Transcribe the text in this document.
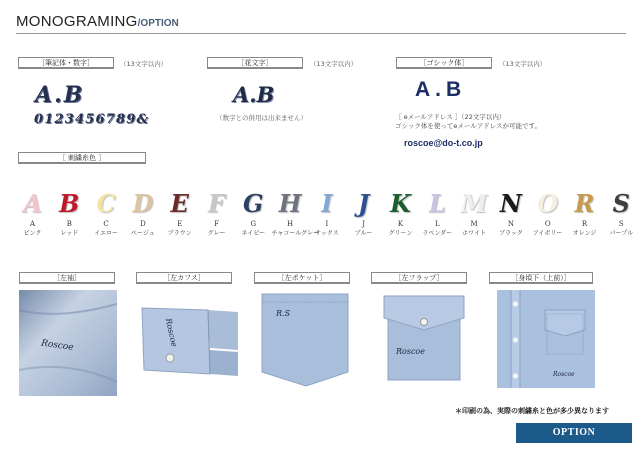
MONOGRAMING/OPTION
［筆記体・数字］	（13文字以内）
A.B
0123456789&
［花文字］	（13文字以内）
A.B
（数字との併用は出来ません）
［ゴシック体］	（13文字以内）
A.B
［ eメールアドレス ］（22文字以内）
ゴシック体を使ってeメールアドレスが可能です。
roscoe@do-t.co.jp
［ 刺繍糸色 ］
A
A
ピンク
B
B
レッド
C
C
イエロー
D
D
ベージュ
E
E
ブラウン
F
F
グレー
G
G
ネイビー
H
H
チャコールグレー
I
I
サックス
J
J
ブルー
K
K
グリーン
L
L
ラベンダー
M
M
ホワイト
N
N
ブラック
O
O
アイボリー
R
R
オレンジ
S
S
パープル
［左袖］	［左カフス］	［左ポケット］	［左フラップ］	［身頃下（上前）］
Roscoe	Roscoe
R.S
Roscoe
Roscoe
＊印刷の為、実際の刺繍糸と色が多少異なります
OPTION
